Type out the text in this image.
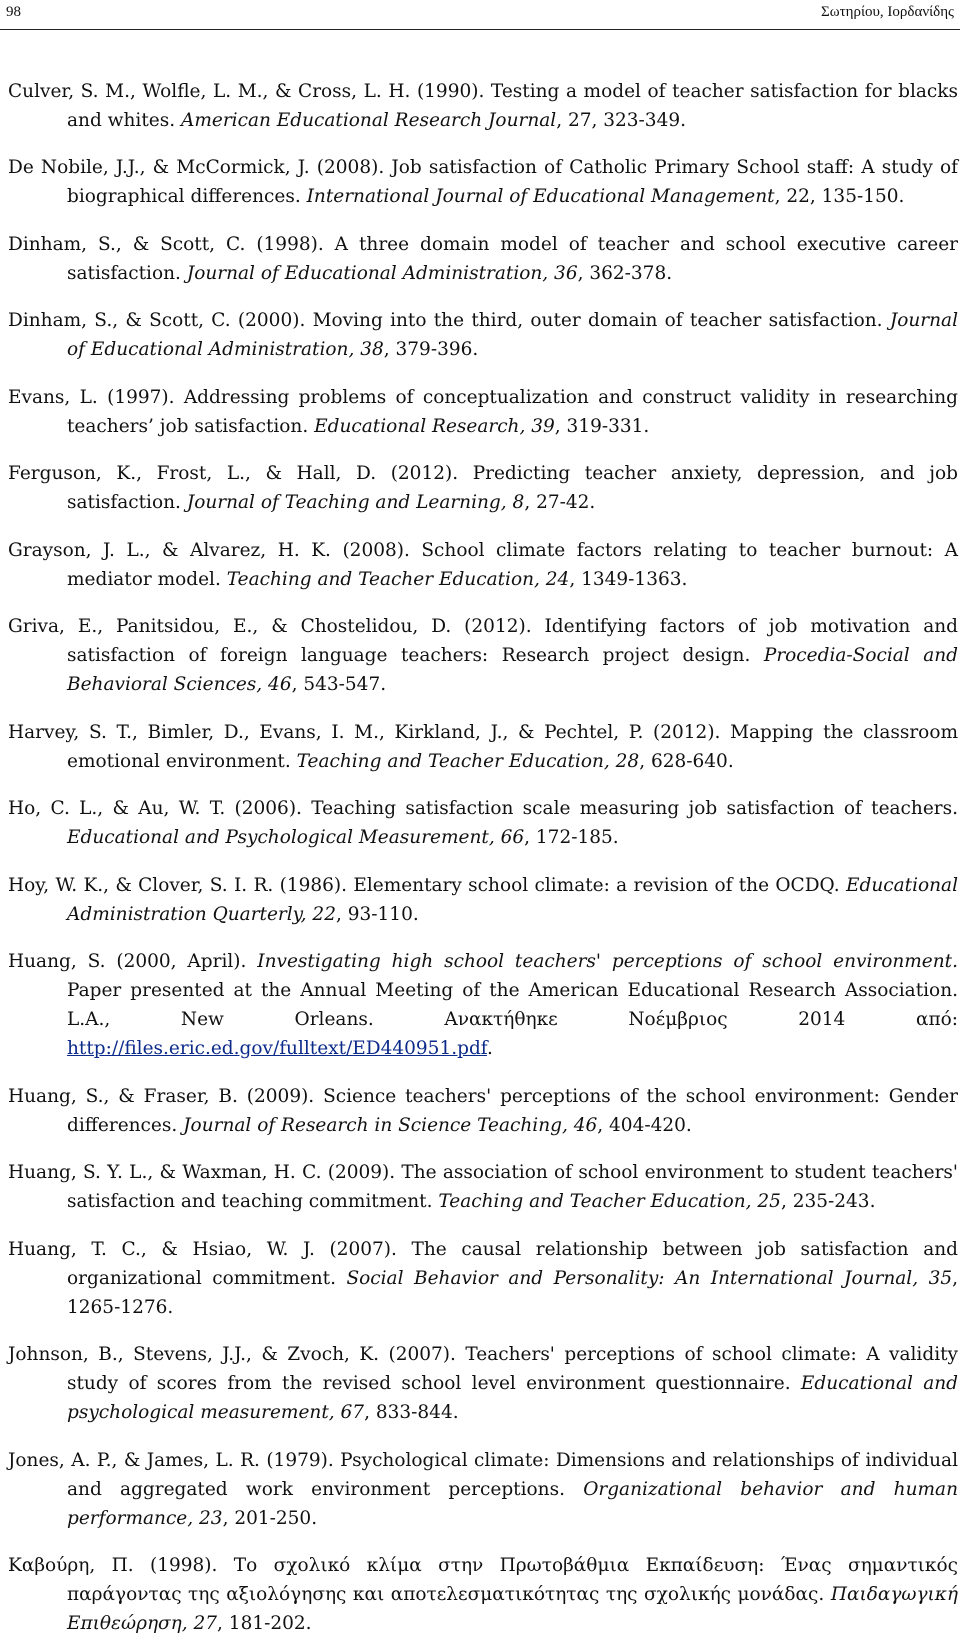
98	Σωτηρίου, Ιορδανίδης

Culver, S. M., Wolfle, L. M., & Cross, L. H. (1990). Testing a model of teacher satisfaction for blacks and whites. American Educational Research Journal, 27, 323-349.

De Nobile, J.J., & McCormick, J. (2008). Job satisfaction of Catholic Primary School staff: A study of biographical differences. International Journal of Educational Management, 22, 135-150.

Dinham, S., & Scott, C. (1998). A three domain model of teacher and school executive career satisfaction. Journal of Educational Administration, 36, 362-378.

Dinham, S., & Scott, C. (2000). Moving into the third, outer domain of teacher satisfaction. Journal of Educational Administration, 38, 379-396.

Evans, L. (1997). Addressing problems of conceptualization and construct validity in researching teachers’ job satisfaction. Educational Research, 39, 319-331.

Ferguson, K., Frost, L., & Hall, D. (2012). Predicting teacher anxiety, depression, and job satisfaction. Journal of Teaching and Learning, 8, 27-42.

Grayson, J. L., & Alvarez, H. K. (2008). School climate factors relating to teacher burnout: A mediator model. Teaching and Teacher Education, 24, 1349-1363.

Griva, E., Panitsidou, E., & Chostelidou, D. (2012). Identifying factors of job motivation and satisfaction of foreign language teachers: Research project design. Procedia-Social and Behavioral Sciences, 46, 543-547.

Harvey, S. T., Bimler, D., Evans, I. M., Kirkland, J., & Pechtel, P. (2012). Mapping the classroom emotional environment. Teaching and Teacher Education, 28, 628-640.

Ho, C. L., & Au, W. T. (2006). Teaching satisfaction scale measuring job satisfaction of teachers. Educational and Psychological Measurement, 66, 172-185.

Hoy, W. K., & Clover, S. I. R. (1986). Elementary school climate: a revision of the OCDQ. Educational Administration Quarterly, 22, 93-110.

Huang, S. (2000, April). Investigating high school teachers' perceptions of school environment. Paper presented at the Annual Meeting of the American Educational Research Association. L.A., New Orleans. Ανακτήθηκε Νοέμβριος 2014 από: http://files.eric.ed.gov/fulltext/ED440951.pdf.

Huang, S., & Fraser, B. (2009). Science teachers' perceptions of the school environment: Gender differences. Journal of Research in Science Teaching, 46, 404-420.

Huang, S. Y. L., & Waxman, H. C. (2009). The association of school environment to student teachers' satisfaction and teaching commitment. Teaching and Teacher Education, 25, 235-243.

Huang, T. C., & Hsiao, W. J. (2007). The causal relationship between job satisfaction and organizational commitment. Social Behavior and Personality: An International Journal, 35, 1265-1276.

Johnson, B., Stevens, J.J., & Zvoch, K. (2007). Teachers' perceptions of school climate: A validity study of scores from the revised school level environment questionnaire. Educational and psychological measurement, 67, 833-844.

Jones, A. P., & James, L. R. (1979). Psychological climate: Dimensions and relationships of individual and aggregated work environment perceptions. Organizational behavior and human performance, 23, 201-250.

Καβούρη, Π. (1998). Το σχολικό κλίμα στην Πρωτοβάθμια Εκπαίδευση: Ένας σημαντικός παράγοντας της αξιολόγησης και αποτελεσματικότητας της σχολικής μονάδας. Παιδαγωγική Επιθεώρηση, 27, 181-202.
